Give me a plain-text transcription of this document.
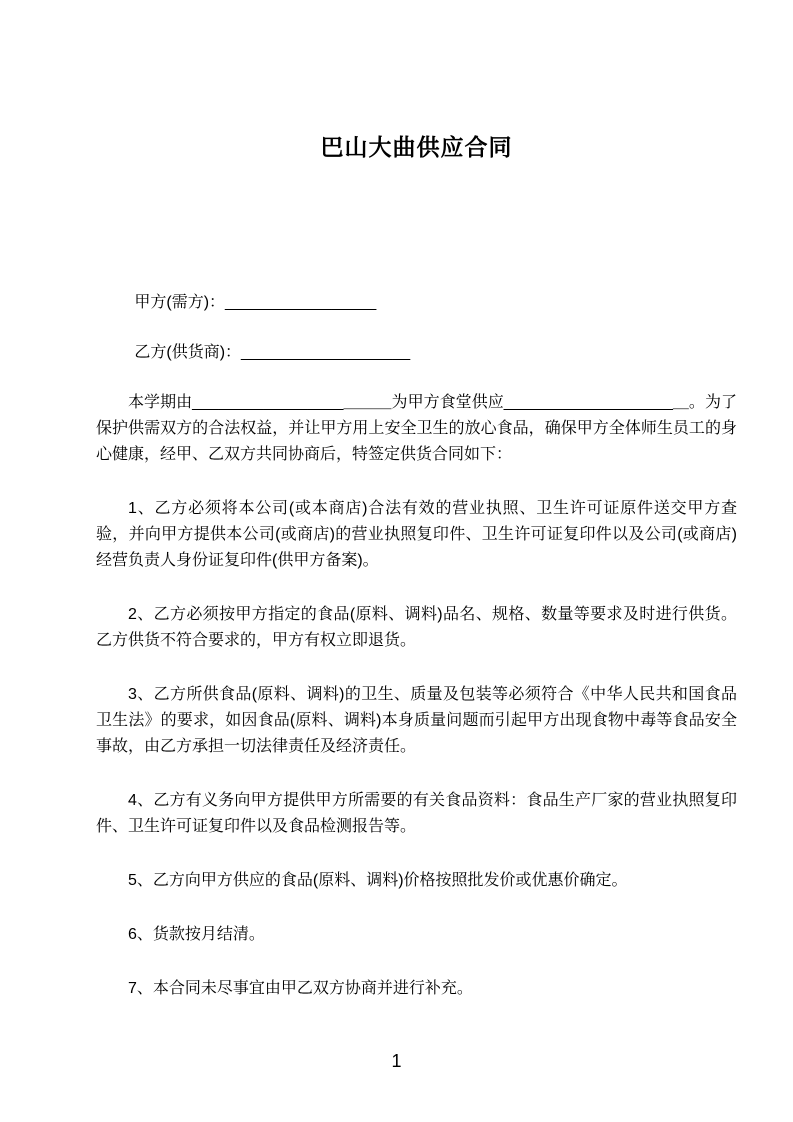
巴山大曲供应合同

甲方(需方)：_________________

乙方(供货商)：___________________

本学期由_________________＿＿＿为甲方食堂供应___________________＿。为了保护供需双方的合法权益，并让甲方用上安全卫生的放心食品，确保甲方全体师生员工的身心健康，经甲、乙双方共同协商后，特签定供货合同如下：

1、乙方必须将本公司(或本商店)合法有效的营业执照、卫生许可证原件送交甲方查验，并向甲方提供本公司(或商店)的营业执照复印件、卫生许可证复印件以及公司(或商店)经营负责人身份证复印件(供甲方备案)。

2、乙方必须按甲方指定的食品(原料、调料)品名、规格、数量等要求及时进行供货。乙方供货不符合要求的，甲方有权立即退货。

3、乙方所供食品(原料、调料)的卫生、质量及包装等必须符合《中华人民共和国食品卫生法》的要求，如因食品(原料、调料)本身质量问题而引起甲方出现食物中毒等食品安全事故，由乙方承担一切法律责任及经济责任。

4、乙方有义务向甲方提供甲方所需要的有关食品资料：食品生产厂家的营业执照复印件、卫生许可证复印件以及食品检测报告等。

5、乙方向甲方供应的食品(原料、调料)价格按照批发价或优惠价确定。

6、货款按月结清。

7、本合同未尽事宜由甲乙双方协商并进行补充。

1
